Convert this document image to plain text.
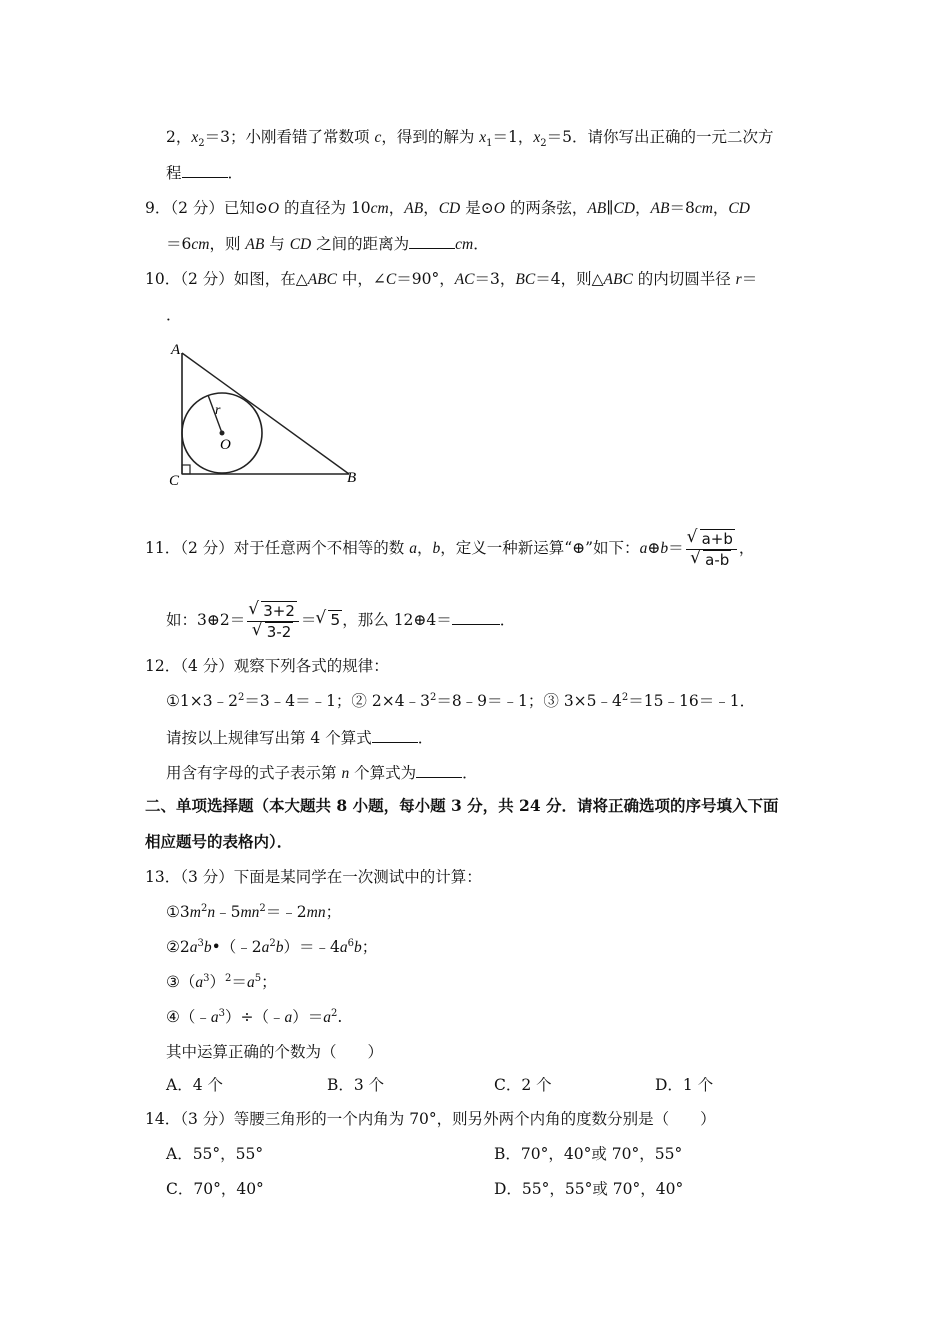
2，$x_2=3$；小刚看错了常数项 c，得到的解为 $x_1=1$，$x_2=5$．请你写出正确的一元二次方
程	．
9．（2 分）已知⊙O 的直径为 10cm，AB，CD 是⊙O 的两条弦，AB∥CD，AB＝8cm，CD
＝6cm，则 AB 与 CD 之间的距离为	cm．
10．（2 分）如图，在△ABC 中，∠C＝90°，AC＝3，BC＝4，则△ABC 的内切圆半径 r＝
．
A
B
C
O
r
11．（2 分）对于任意两个不相等的数 a，b，定义一种新运算“⊕”如下：a⊕b＝ √ a+b
√ a-b ，
如：3⊕2＝ √ 3+2
√ 3-2 ＝ √ 5 ，那么 12⊕4＝	．
12．（4 分）观察下列各式的规律：
$①1\times 3﹣2^2=3﹣4=﹣1$；② $2\times 4﹣3^2=8﹣9=﹣1$；③ $3\times 5﹣4^2=15﹣16=﹣1$．
请按以上规律写出第 4 个算式	．
用含有字母的式子表示第 n 个算式为	．
二、单项选择题（本大题共 8 小题，每小题 3 分，共 24 分．请将正确选项的序号填入下面
相应题号的表格内）．
13．（3 分）下面是某同学在一次测试中的计算：
$①3m^2n﹣5mn^2=﹣2mn$；
$②2a^3b•(﹣2a^2b)=﹣4a^6b$；
$③(a^3)^2=a^5$；
$④(﹣a^3)\div(﹣a)=a^2$.
其中运算正确的个数为（　　）
A．4 个	B．3 个	C．2 个	D．1 个
14．（3 分）等腰三角形的一个内角为 70°，则另外两个内角的度数分别是（　　）
A．55°，55°	B．70°，40°或 70°，55°
C．70°，40°	D．55°，55°或 70°，40°
